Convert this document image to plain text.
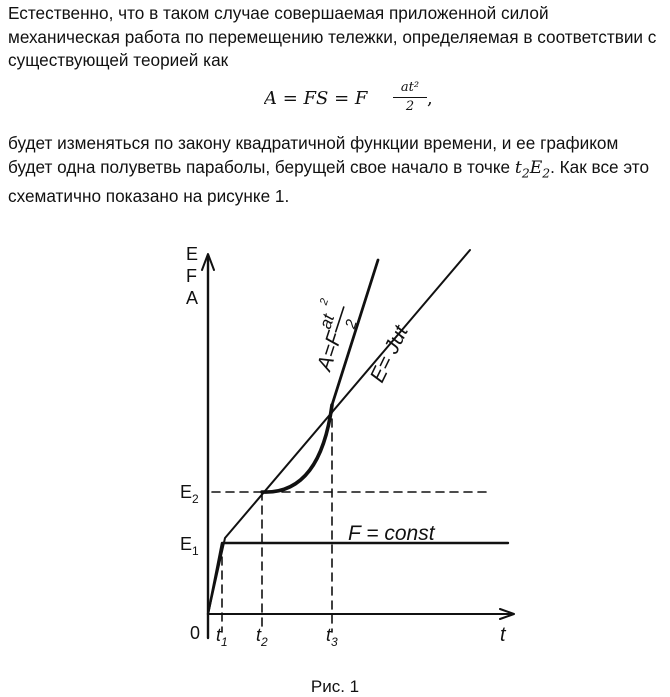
Естественно, что в таком случае совершаемая приложенной силой механическая работа по перемещению тележки, определяемая в соответствии с существующей теорией как

A = FS = F
at²
2 ,

будет изменяться по закону квадратичной функции времени, и ее графиком будет одна полуветвь параболы, берущей свое начало в точке $t_2E_2$. Как все это схематично показано на рисунке 1.

E
F
A
$E_2$
$E_1$
0 $t_1$ $t_2$	$t_3$	t
F = const
A=F
at
2
2 E= Jut
Рис. 1
